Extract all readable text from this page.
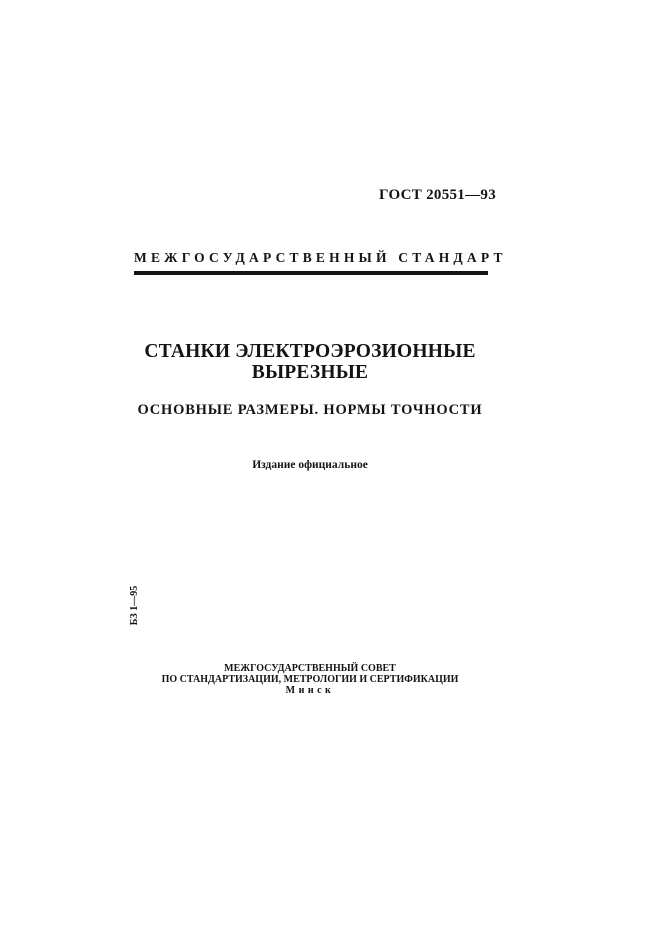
ГОСТ 20551—93
МЕЖГОСУДАРСТВЕННЫЙ СТАНДАРТ
СТАНКИ ЭЛЕКТРОЭРОЗИОННЫЕ
ВЫРЕЗНЫЕ
ОСНОВНЫЕ РАЗМЕРЫ. НОРМЫ ТОЧНОСТИ
Издание официальное
БЗ 1—95
МЕЖГОСУДАРСТВЕННЫЙ СОВЕТ
ПО СТАНДАРТИЗАЦИИ, МЕТРОЛОГИИ И СЕРТИФИКАЦИИ
Минск
